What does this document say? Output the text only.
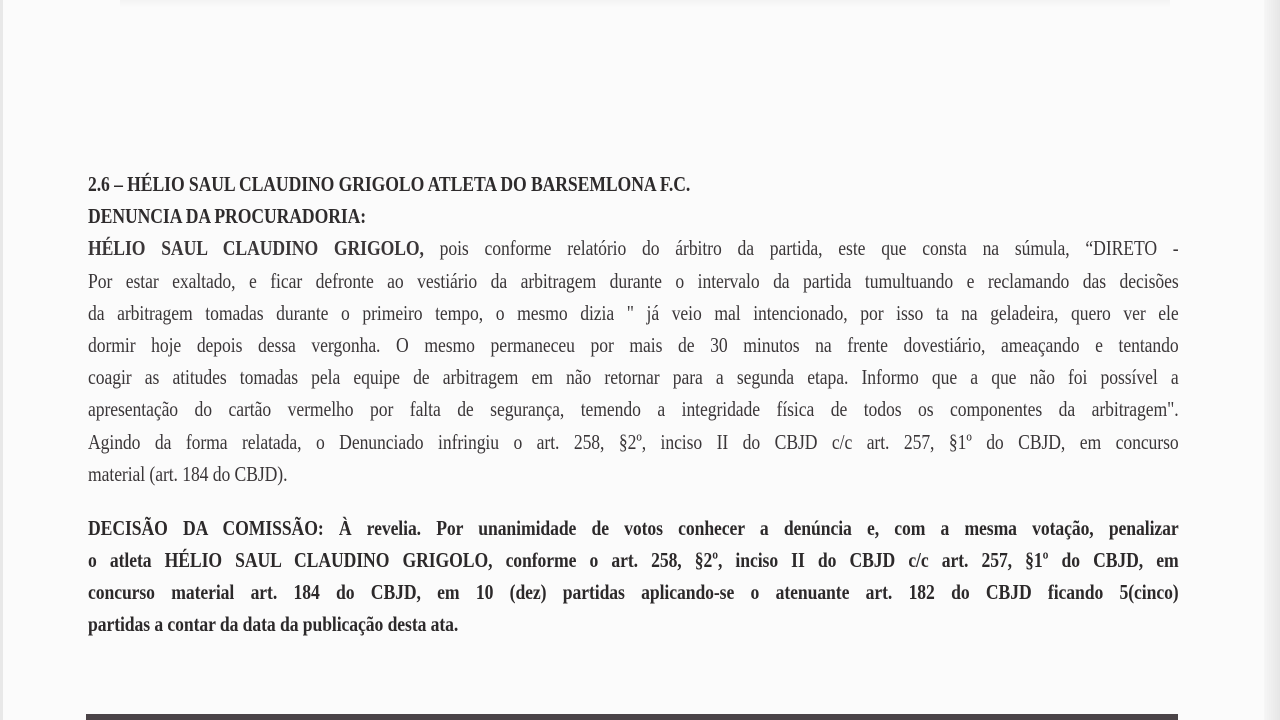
2.6 – HÉLIO SAUL CLAUDINO GRIGOLO ATLETA DO BARSEMLONA F.C.
DENUNCIA DA PROCURADORIA:
HÉLIO SAUL CLAUDINO GRIGOLO, pois conforme relatório do árbitro da partida, este que consta na súmula, “DIRETO -
Por estar exaltado, e ficar defronte ao vestiário da arbitragem durante o intervalo da partida tumultuando e reclamando das decisões
da arbitragem tomadas durante o primeiro tempo, o mesmo dizia " já veio mal intencionado, por isso ta na geladeira, quero ver ele
dormir hoje depois dessa vergonha. O mesmo permaneceu por mais de 30 minutos na frente dovestiário, ameaçando e tentando
coagir as atitudes tomadas pela equipe de arbitragem em não retornar para a segunda etapa. Informo que a que não foi possível a
apresentação do cartão vermelho por falta de segurança, temendo a integridade física de todos os componentes da arbitragem".
Agindo da forma relatada, o Denunciado infringiu o art. 258, §2º, inciso II do CBJD c/c art. 257, §1º do CBJD, em concurso
material (art. 184 do CBJD).
DECISÃO DA COMISSÃO: À revelia. Por unanimidade de votos conhecer a denúncia e, com a mesma votação, penalizar
o atleta HÉLIO SAUL CLAUDINO GRIGOLO, conforme o art. 258, §2º, inciso II do CBJD c/c art. 257, §1º do CBJD, em
concurso material art. 184 do CBJD, em 10 (dez) partidas aplicando-se o atenuante art. 182 do CBJD ficando 5(cinco)
partidas a contar da data da publicação desta ata.
